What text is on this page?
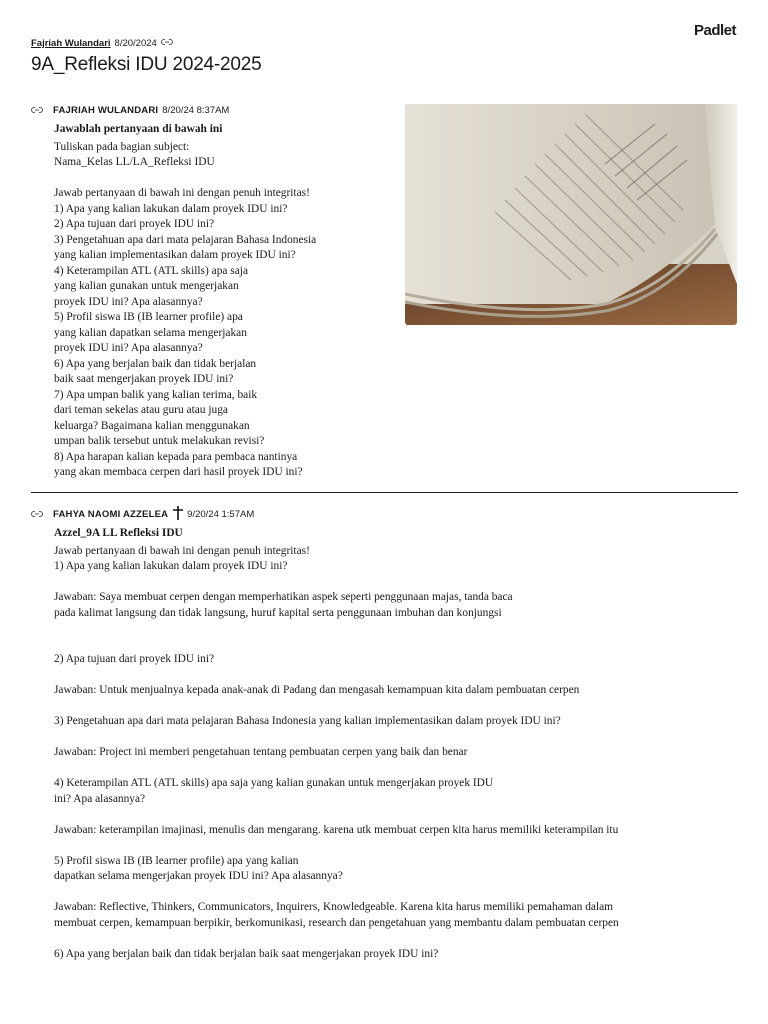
Padlet
Fajriah Wulandari 8/20/2024
9A_Refleksi IDU 2024-2025
FAJRIAH WULANDARI 8/20/24 8:37AM
Jawablah pertanyaan di bawah ini
Tuliskan pada bagian subject:
Nama_Kelas LL/LA_Refleksi IDU
Jawab pertanyaan di bawah ini dengan penuh integritas!
1) Apa yang kalian lakukan dalam proyek IDU ini?
2) Apa tujuan dari proyek IDU ini?
3) Pengetahuan apa dari mata pelajaran Bahasa Indonesia
yang kalian implementasikan dalam proyek IDU ini?
4) Keterampilan ATL (ATL skills) apa saja
yang kalian gunakan untuk mengerjakan
proyek IDU ini? Apa alasannya?
5) Profil siswa IB (IB learner profile) apa
yang kalian dapatkan selama mengerjakan
proyek IDU ini? Apa alasannya?
6) Apa yang berjalan baik dan tidak berjalan
baik saat mengerjakan proyek IDU ini?
7) Apa umpan balik yang kalian terima, baik
dari teman sekelas atau guru atau juga
keluarga? Bagaimana kalian menggunakan
umpan balik tersebut untuk melakukan revisi?
8) Apa harapan kalian kepada para pembaca nantinya
yang akan membaca cerpen dari hasil proyek IDU ini?
FAHYA NAOMI AZZELEA 9/20/24 1:57AM
Azzel_9A LL Refleksi IDU
Jawab pertanyaan di bawah ini dengan penuh integritas!
1) Apa yang kalian lakukan dalam proyek IDU ini?
Jawaban: Saya membuat cerpen dengan memperhatikan aspek seperti penggunaan majas, tanda baca
pada kalimat langsung dan tidak langsung, huruf kapital serta penggunaan imbuhan dan konjungsi
2) Apa tujuan dari proyek IDU ini?
Jawaban: Untuk menjualnya kepada anak-anak di Padang dan mengasah kemampuan kita dalam pembuatan cerpen
3) Pengetahuan apa dari mata pelajaran Bahasa Indonesia yang kalian implementasikan dalam proyek IDU ini?
Jawaban: Project ini memberi pengetahuan tentang pembuatan cerpen yang baik dan benar
4) Keterampilan ATL (ATL skills) apa saja yang kalian gunakan untuk mengerjakan proyek IDU
ini? Apa alasannya?
Jawaban: keterampilan imajinasi, menulis dan mengarang. karena utk membuat cerpen kita harus memiliki keterampilan itu
5) Profil siswa IB (IB learner profile) apa yang kalian
dapatkan selama mengerjakan proyek IDU ini? Apa alasannya?
Jawaban: Reflective, Thinkers, Communicators, Inquirers, Knowledgeable. Karena kita harus memiliki pemahaman dalam
membuat cerpen, kemampuan berpikir, berkomunikasi, research dan pengetahuan yang membantu dalam pembuatan cerpen
6) Apa yang berjalan baik dan tidak berjalan baik saat mengerjakan proyek IDU ini?
